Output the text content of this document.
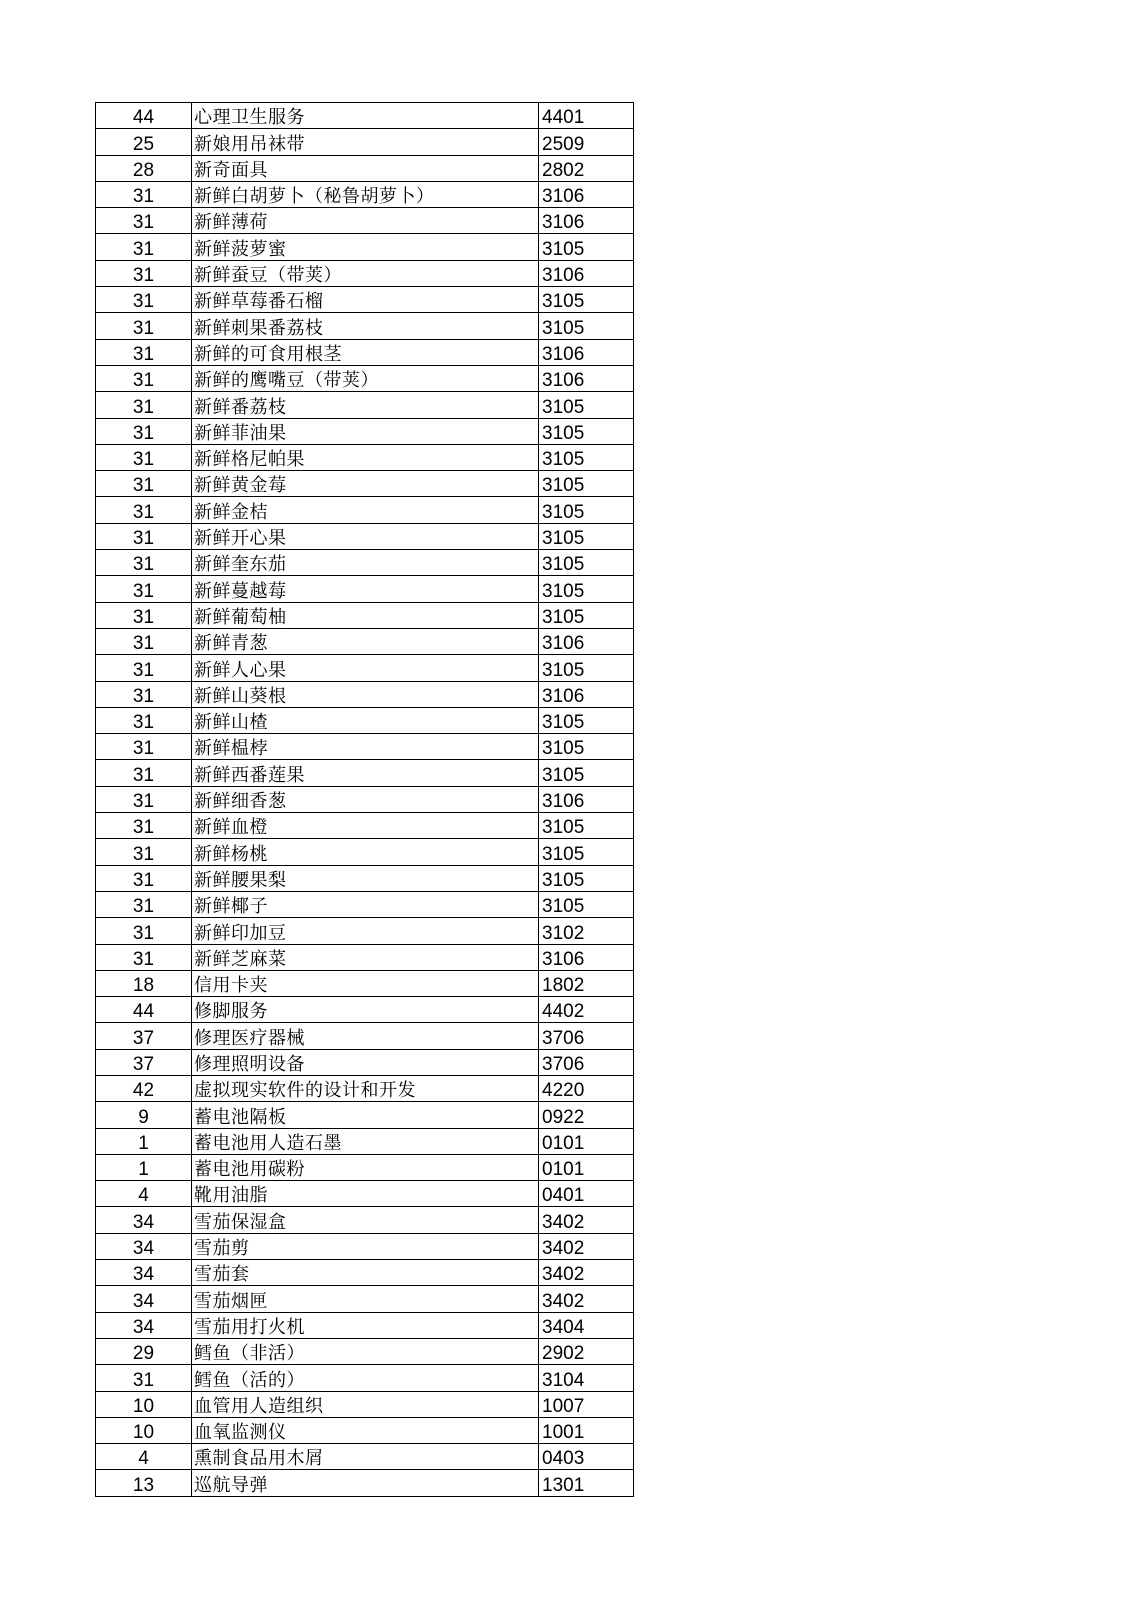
44	心理卫生服务	4401
25	新娘用吊袜带	2509
28	新奇面具	2802
31	新鲜白胡萝卜（秘鲁胡萝卜）	3106
31	新鲜薄荷	3106
31	新鲜菠萝蜜	3105
31	新鲜蚕豆（带荚）	3106
31	新鲜草莓番石榴	3105
31	新鲜刺果番荔枝	3105
31	新鲜的可食用根茎	3106
31	新鲜的鹰嘴豆（带荚）	3106
31	新鲜番荔枝	3105
31	新鲜菲油果	3105
31	新鲜格尼帕果	3105
31	新鲜黄金莓	3105
31	新鲜金桔	3105
31	新鲜开心果	3105
31	新鲜奎东茄	3105
31	新鲜蔓越莓	3105
31	新鲜葡萄柚	3105
31	新鲜青葱	3106
31	新鲜人心果	3105
31	新鲜山葵根	3106
31	新鲜山楂	3105
31	新鲜榅桲	3105
31	新鲜西番莲果	3105
31	新鲜细香葱	3106
31	新鲜血橙	3105
31	新鲜杨桃	3105
31	新鲜腰果梨	3105
31	新鲜椰子	3105
31	新鲜印加豆	3102
31	新鲜芝麻菜	3106
18	信用卡夹	1802
44	修脚服务	4402
37	修理医疗器械	3706
37	修理照明设备	3706
42	虚拟现实软件的设计和开发	4220
9	蓄电池隔板	0922
1	蓄电池用人造石墨	0101
1	蓄电池用碳粉	0101
4	靴用油脂	0401
34	雪茄保湿盒	3402
34	雪茄剪	3402
34	雪茄套	3402
34	雪茄烟匣	3402
34	雪茄用打火机	3404
29	鳕鱼（非活）	2902
31	鳕鱼（活的）	3104
10	血管用人造组织	1007
10	血氧监测仪	1001
4	熏制食品用木屑	0403
13	巡航导弹	1301
